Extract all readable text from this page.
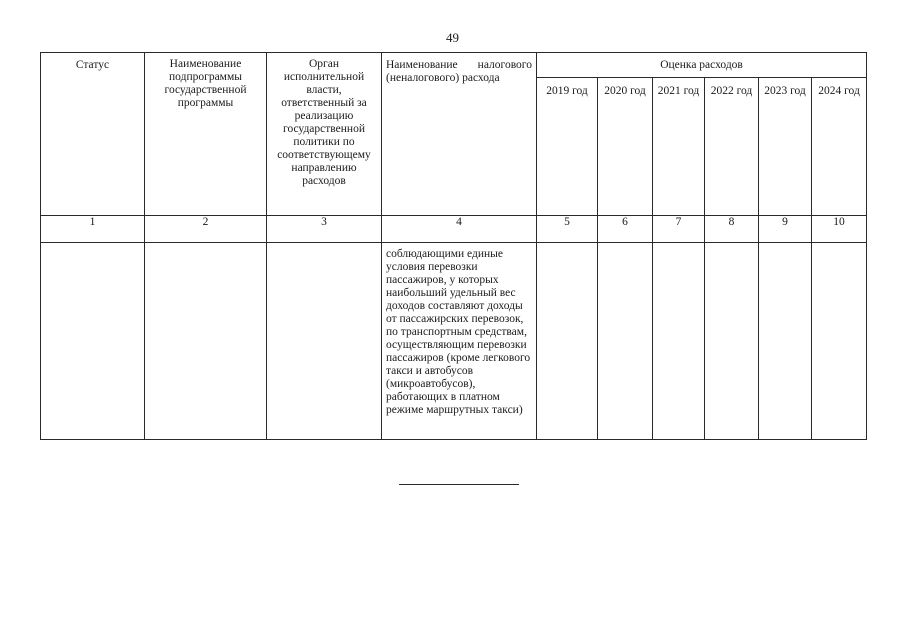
49
Статус	Наименование подпрограммы государственной программы	Орган исполнительной власти, ответственный за реализацию государственной политики по соответствующему направлению расходов	Наименование налогового (неналогового) расхода	Оценка расходов					
				2019 год	2020 год	2021 год	2022 год	2023 год	2024 год
1	2	3	4	5	6	7	8	9	10
			соблюдающими единые условия перевозки пассажиров, у которых наибольший удельный вес доходов составляют доходы от пассажирских перевозок, по транспортным средствам, осуществляющим перевозки пассажиров (кроме легкового такси и автобусов (микроавтобусов), работающих в платном режиме маршрутных такси)						
